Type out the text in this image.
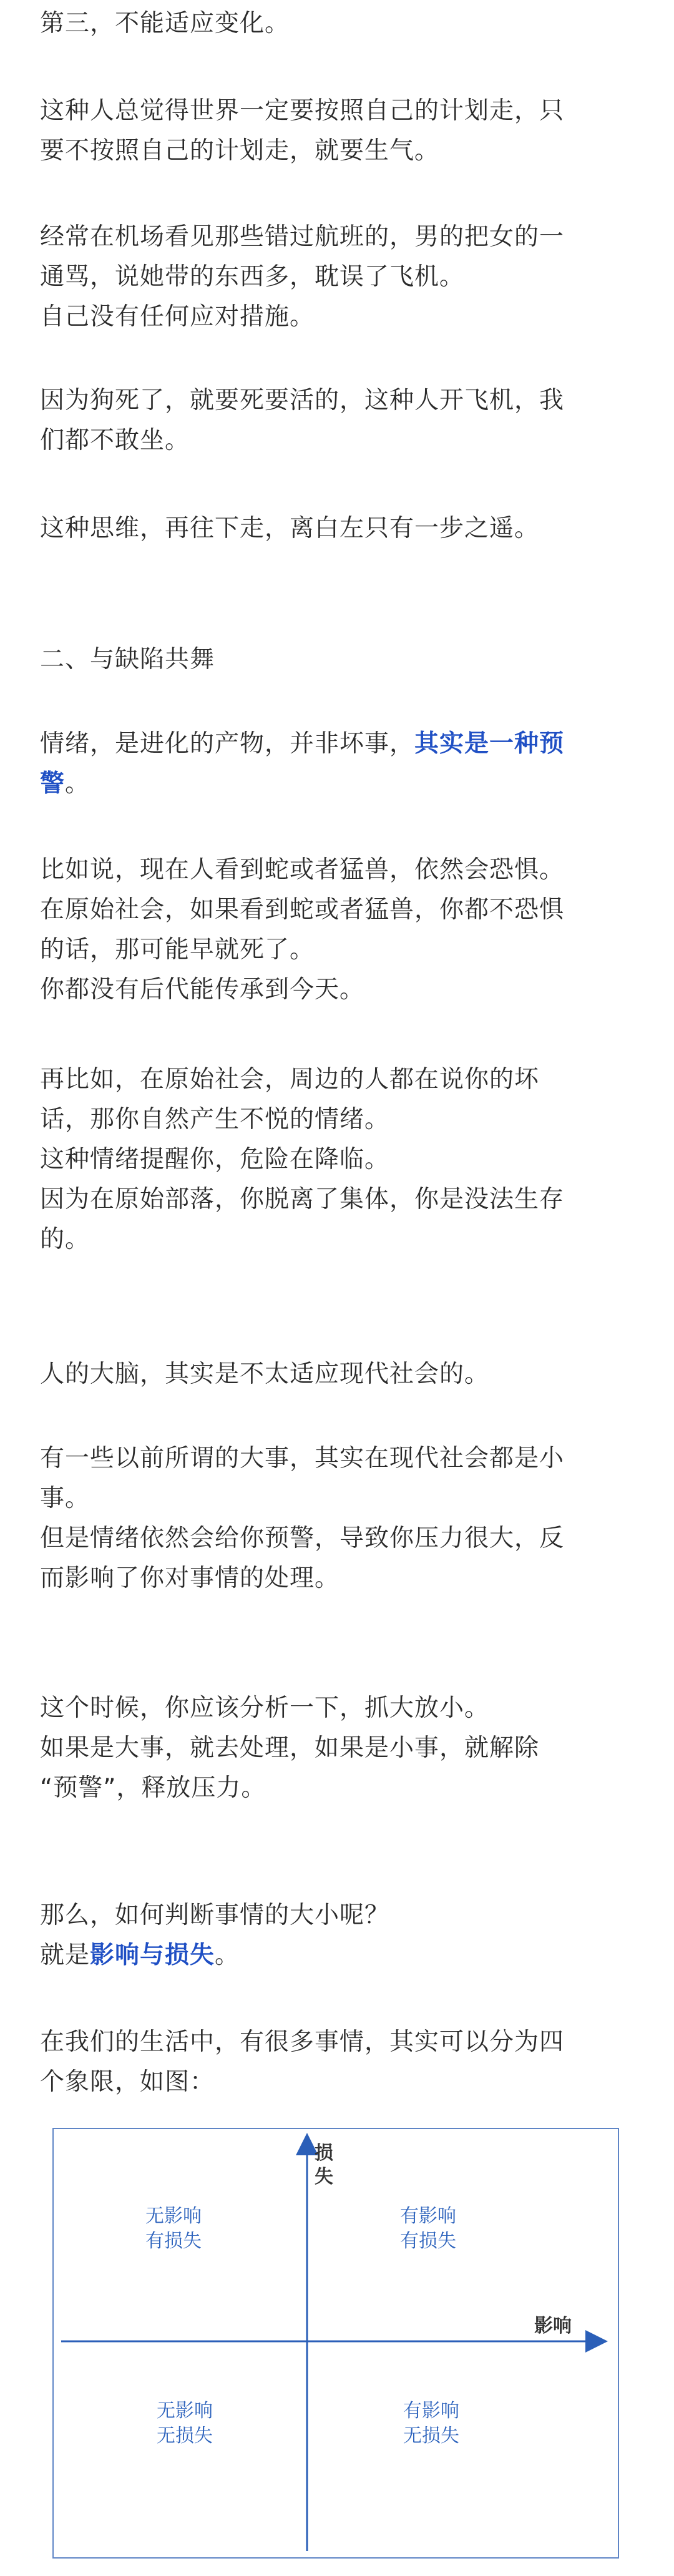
第三，不能适应变化。
这种人总觉得世界一定要按照自己的计划走，只
要不按照自己的计划走，就要生气。
经常在机场看见那些错过航班的，男的把女的一
通骂，说她带的东西多，耽误了飞机。
自己没有任何应对措施。
因为狗死了，就要死要活的，这种人开飞机，我
们都不敢坐。
这种思维，再往下走，离白左只有一步之遥。
二、与缺陷共舞
情绪，是进化的产物，并非坏事，其实是一种预
警。
比如说，现在人看到蛇或者猛兽，依然会恐惧。
在原始社会，如果看到蛇或者猛兽，你都不恐惧
的话，那可能早就死了。
你都没有后代能传承到今天。
再比如，在原始社会，周边的人都在说你的坏
话，那你自然产生不悦的情绪。
这种情绪提醒你，危险在降临。
因为在原始部落，你脱离了集体，你是没法生存
的。
人的大脑，其实是不太适应现代社会的。
有一些以前所谓的大事，其实在现代社会都是小
事。
但是情绪依然会给你预警，导致你压力很大，反
而影响了你对事情的处理。
这个时候，你应该分析一下，抓大放小。
如果是大事，就去处理，如果是小事，就解除
“预警”，释放压力。
那么，如何判断事情的大小呢？
就是影响与损失。
在我们的生活中，有很多事情，其实可以分为四
个象限，如图：
损
失
影响
无影响
有损失
有影响
有损失
无影响
无损失
有影响
无损失
